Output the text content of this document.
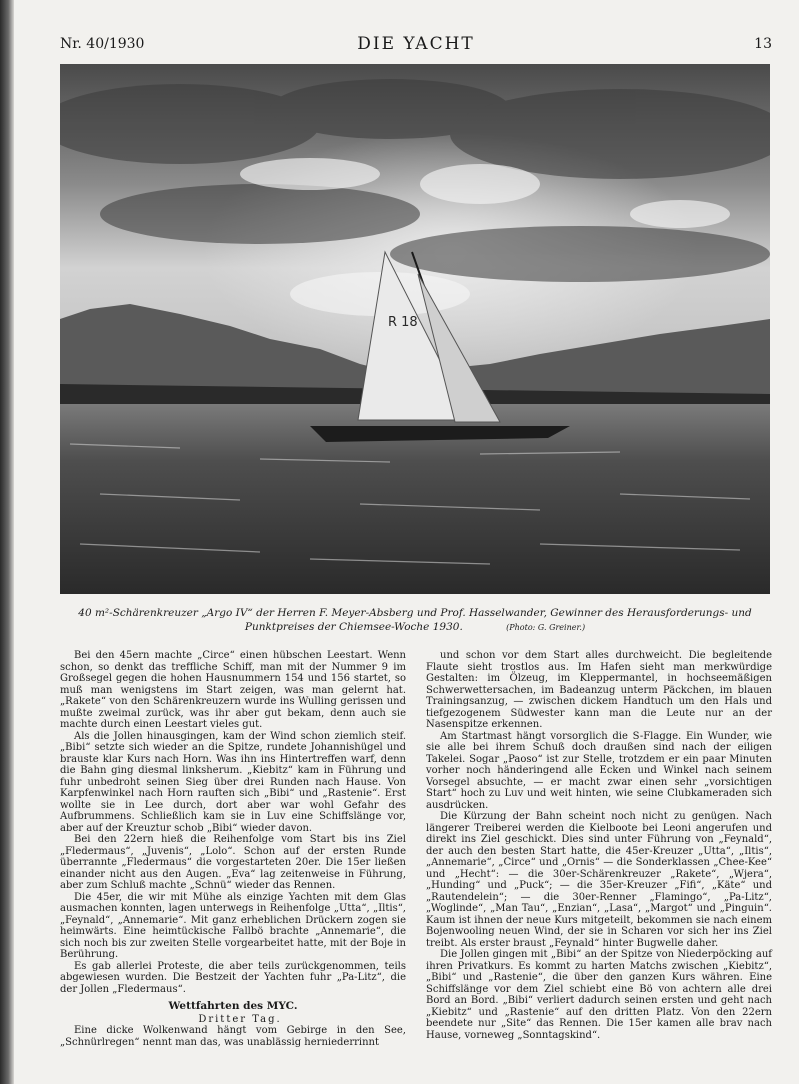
Nr. 40/1930	DIE YACHT	13
R 18
40 m²-Schärenkreuzer „Argo IV“ der Herren F. Meyer-Absberg und Prof. Hasselwander, Gewinner des Herausforderungs- und Punktpreises der Chiemsee-Woche 1930.	(Photo: G. Greiner.)

Bei den 45ern machte „Circe“ einen hübschen Leestart. Wenn schon, so denkt das treffliche Schiff, man mit der Nummer 9 im Großsegel gegen die hohen Hausnummern 154 und 156 startet, so muß man wenigstens im Start zeigen, was man gelernt hat. „Rakete“ von den Schärenkreuzern wurde ins Wulling gerissen und mußte zweimal zurück, was ihr aber gut bekam, denn auch sie machte durch einen Leestart vieles gut.

Als die Jollen hinausgingen, kam der Wind schon ziemlich steif. „Bibi“ setzte sich wieder an die Spitze, rundete Johannishügel und brauste klar Kurs nach Horn. Was ihn ins Hintertreffen warf, denn die Bahn ging diesmal linksherum. „Kiebitz“ kam in Führung und fuhr unbedroht seinen Sieg über drei Runden nach Hause. Von Karpfenwinkel nach Horn rauften sich „Bibi“ und „Rastenie“. Erst wollte sie in Lee durch, dort aber war wohl Gefahr des Aufbrummens. Schließlich kam sie in Luv eine Schiffslänge vor, aber auf der Kreuztur schob „Bibi“ wieder davon.

Bei den 22ern hieß die Reihenfolge vom Start bis ins Ziel „Fledermaus“, „Juvenis“, „Lolo“. Schon auf der ersten Runde überrannte „Fledermaus“ die vorgestarteten 20er. Die 15er ließen einander nicht aus den Augen. „Eva“ lag zeitenweise in Führung, aber zum Schluß machte „Schnü“ wieder das Rennen.

Die 45er, die wir mit Mühe als einzige Yachten mit dem Glas ausmachen konnten, lagen unterwegs in Reihenfolge „Utta“, „Iltis“, „Feynald“, „Annemarie“. Mit ganz erheblichen Drückern zogen sie heimwärts. Eine heimtückische Fallbö brachte „Annemarie“, die sich noch bis zur zweiten Stelle vorgearbeitet hatte, mit der Boje in Berührung.

Es gab allerlei Proteste, die aber teils zurückgenommen, teils abgewiesen wurden. Die Bestzeit der Yachten fuhr „Pa-Litz“, die der Jollen „Fledermaus“.

Wettfahrten des MYC.

Dritter Tag.

Eine dicke Wolkenwand hängt vom Gebirge in den See, „Schnürlregen“ nennt man das, was unablässig herniederrinnt

und schon vor dem Start alles durchweicht. Die begleitende Flaute sieht trostlos aus. Im Hafen sieht man merkwürdige Gestalten: im Ölzeug, im Kleppermantel, in hochseemäßigen Schwerwettersachen, im Badeanzug unterm Päckchen, im blauen Trainingsanzug, — zwischen dickem Handtuch um den Hals und tiefgezogenem Südwester kann man die Leute nur an der Nasenspitze erkennen.

Am Startmast hängt vorsorglich die S-Flagge. Ein Wunder, wie sie alle bei ihrem Schuß doch draußen sind nach der eiligen Takelei. Sogar „Paoso“ ist zur Stelle, trotzdem er ein paar Minuten vorher noch händeringend alle Ecken und Winkel nach seinem Vorsegel absuchte, — er macht zwar einen sehr „vorsichtigen Start“ hoch zu Luv und weit hinten, wie seine Clubkameraden sich ausdrücken.

Die Kürzung der Bahn scheint noch nicht zu genügen. Nach längerer Treiberei werden die Kielboote bei Leoni angerufen und direkt ins Ziel geschickt. Dies sind unter Führung von „Feynald“, der auch den besten Start hatte, die 45er-Kreuzer „Utta“, „Iltis“, „Annemarie“, „Circe“ und „Ornis“ — die Sonderklassen „Chee-Kee“ und „Hecht“: — die 30er-Schärenkreuzer „Rakete“, „Wjera“, „Hunding“ und „Puck“; — die 35er-Kreuzer „Fifi“, „Käte“ und „Rautendelein“; — die 30er-Renner „Flamingo“, „Pa-Litz“, „Woglinde“, „Man Tau“, „Enzian“, „Lasa“, „Margot“ und „Pinguin“. Kaum ist ihnen der neue Kurs mitgeteilt, bekommen sie nach einem Bojenwooling neuen Wind, der sie in Scharen vor sich her ins Ziel treibt. Als erster braust „Feynald“ hinter Bugwelle daher.

Die Jollen gingen mit „Bibi“ an der Spitze von Niederpöcking auf ihren Privatkurs. Es kommt zu harten Matchs zwischen „Kiebitz“, „Bibi“ und „Rastenie“, die über den ganzen Kurs währen. Eine Schiffslänge vor dem Ziel schiebt eine Bö von achtern alle drei Bord an Bord. „Bibi“ verliert dadurch seinen ersten und geht nach „Kiebitz“ und „Rastenie“ auf den dritten Platz. Von den 22ern beendete nur „Site“ das Rennen. Die 15er kamen alle brav nach Hause, vorneweg „Sonntagskind“.
